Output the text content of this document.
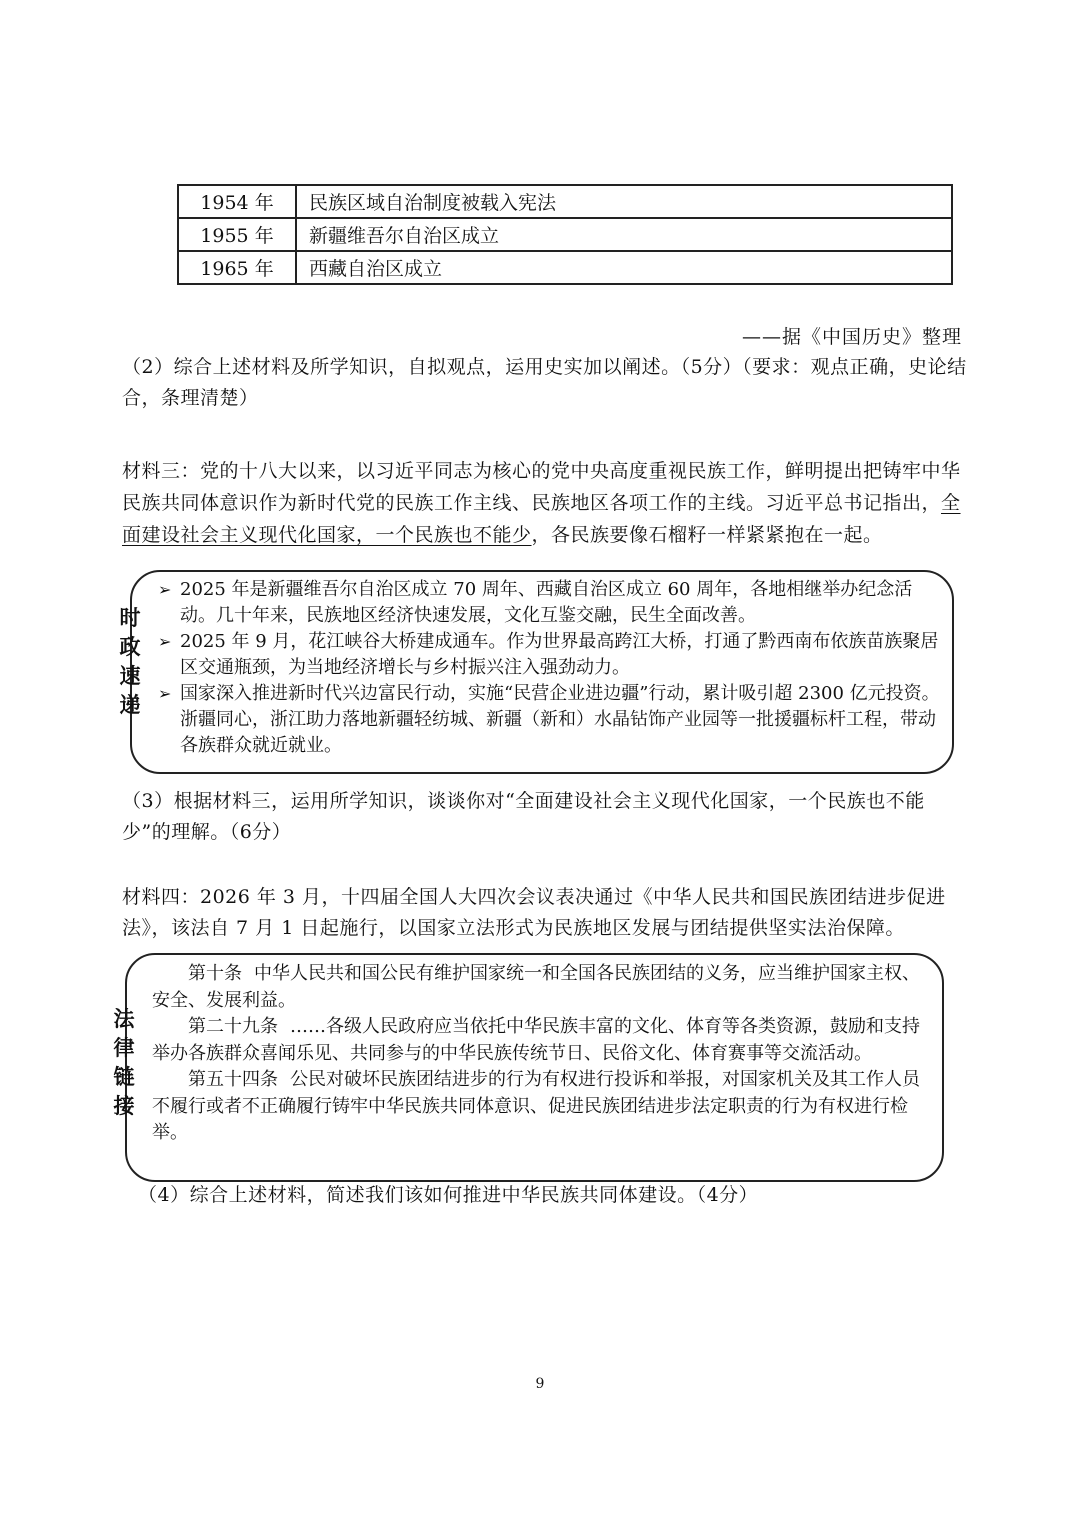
1954 年	民族区域自治制度被载入宪法
1955 年	新疆维吾尔自治区成立
1965 年	西藏自治区成立
——据《中国历史》整理
（2）综合上述材料及所学知识，自拟观点，运用史实加以阐述。（5分）（要求：观点正确，史论结合，条理清楚）
材料三：党的十八大以来，以习近平同志为核心的党中央高度重视民族工作，鲜明提出把铸牢中华民族共同体意识作为新时代党的民族工作主线、民族地区各项工作的主线。习近平总书记指出，全面建设社会主义现代化国家，一个民族也不能少，各民族要像石榴籽一样紧紧抱在一起。
时
政
速
递
➢ 2025 年是新疆维吾尔自治区成立 70 周年、西藏自治区成立 60 周年，各地相继举办纪念活动。几十年来，民族地区经济快速发展，文化互鉴交融，民生全面改善。
➢ 2025 年 9 月，花江峡谷大桥建成通车。作为世界最高跨江大桥，打通了黔西南布依族苗族聚居区交通瓶颈，为当地经济增长与乡村振兴注入强劲动力。
➢ 国家深入推进新时代兴边富民行动，实施“民营企业进边疆”行动，累计吸引超 2300 亿元投资。浙疆同心，浙江助力落地新疆轻纺城、新疆（新和）水晶钻饰产业园等一批援疆标杆工程，带动各族群众就近就业。
（3）根据材料三，运用所学知识，谈谈你对“全面建设社会主义现代化国家，一个民族也不能少”的理解。（6分）
材料四：2026 年 3 月，十四届全国人大四次会议表决通过《中华人民共和国民族团结进步促进法》，该法自 7 月 1 日起施行，以国家立法形式为民族地区发展与团结提供坚实法治保障。
法
律
链
接

第十条 中华人民共和国公民有维护国家统一和全国各民族团结的义务，应当维护国家主权、安全、发展利益。

第二十九条 ……各级人民政府应当依托中华民族丰富的文化、体育等各类资源，鼓励和支持举办各族群众喜闻乐见、共同参与的中华民族传统节日、民俗文化、体育赛事等交流活动。

第五十四条 公民对破坏民族团结进步的行为有权进行投诉和举报，对国家机关及其工作人员不履行或者不正确履行铸牢中华民族共同体意识、促进民族团结进步法定职责的行为有权进行检举。

（4）综合上述材料，简述我们该如何推进中华民族共同体建设。（4分）
9
